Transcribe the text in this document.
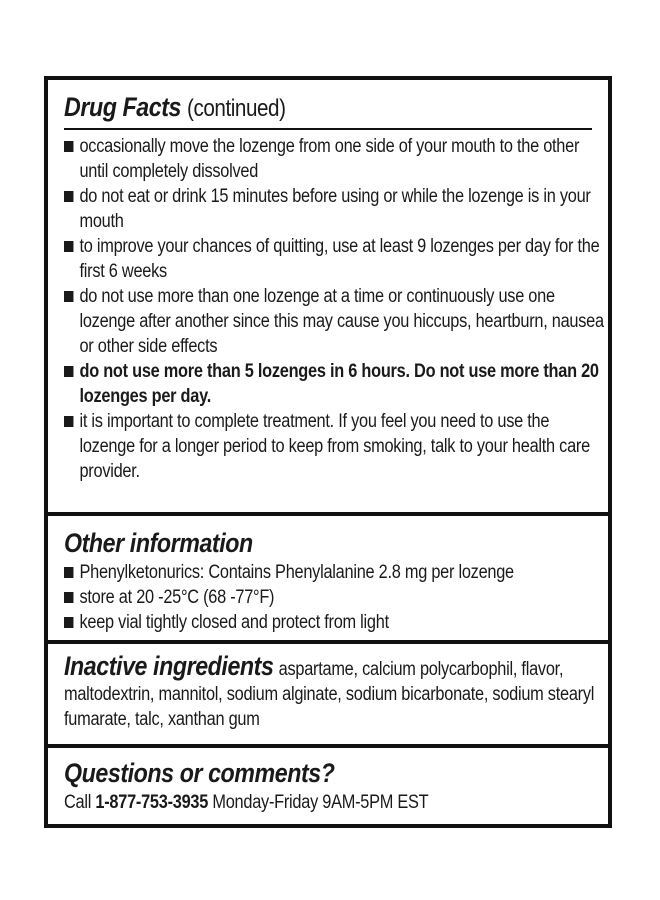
Drug Facts (continued)
occasionally move the lozenge from one side of your mouth to the other until completely dissolved
do not eat or drink 15 minutes before using or while the lozenge is in your mouth
to improve your chances of quitting, use at least 9 lozenges per day for the first 6 weeks
do not use more than one lozenge at a time or continuously use one lozenge after another since this may cause you hiccups, heartburn, nausea or other side effects
do not use more than 5 lozenges in 6 hours. Do not use more than 20 lozenges per day.
it is important to complete treatment. If you feel you need to use the lozenge for a longer period to keep from smoking, talk to your health care provider.
Other information
Phenylketonurics: Contains Phenylalanine 2.8 mg per lozenge
store at 20 -25°C (68 -77°F)
keep vial tightly closed and protect from light

Inactive ingredients aspartame, calcium polycarbophil, flavor, maltodextrin, mannitol, sodium alginate, sodium bicarbonate, sodium stearyl fumarate, talc, xanthan gum

Questions or comments?

Call 1-877-753-3935 Monday-Friday 9AM-5PM EST
